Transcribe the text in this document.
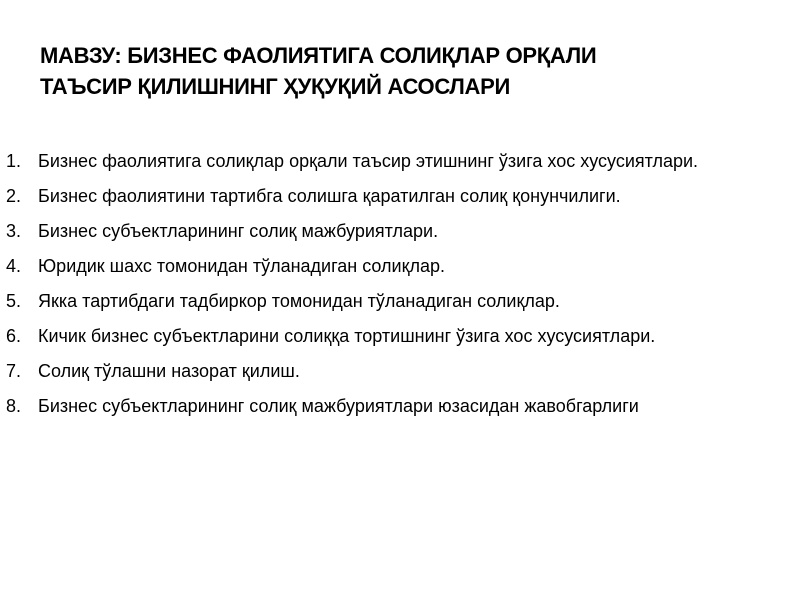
МАВЗУ: БИЗНЕС ФАОЛИЯТИГА СОЛИҚЛАР ОРҚАЛИ
ТАЪСИР ҚИЛИШНИНГ ҲУҚУҚИЙ АСОСЛАРИ
1. Бизнес фаолиятига солиқлар орқали таъсир этишнинг ўзига хос хусусиятлари.
2. Бизнес фаолиятини тартибга солишга қаратилган солиқ қонунчилиги.
3. Бизнес субъектларининг солиқ мажбуриятлари.
4. Юридик шахс томонидан тўланадиган солиқлар.
5. Якка тартибдаги тадбиркор томонидан тўланадиган солиқлар.
6. Кичик бизнес субъектларини солиққа тортишнинг ўзига хос хусусиятлари.
7. Солиқ тўлашни назорат қилиш.
8. Бизнес субъектларининг солиқ мажбуриятлари юзасидан жавобгарлиги
